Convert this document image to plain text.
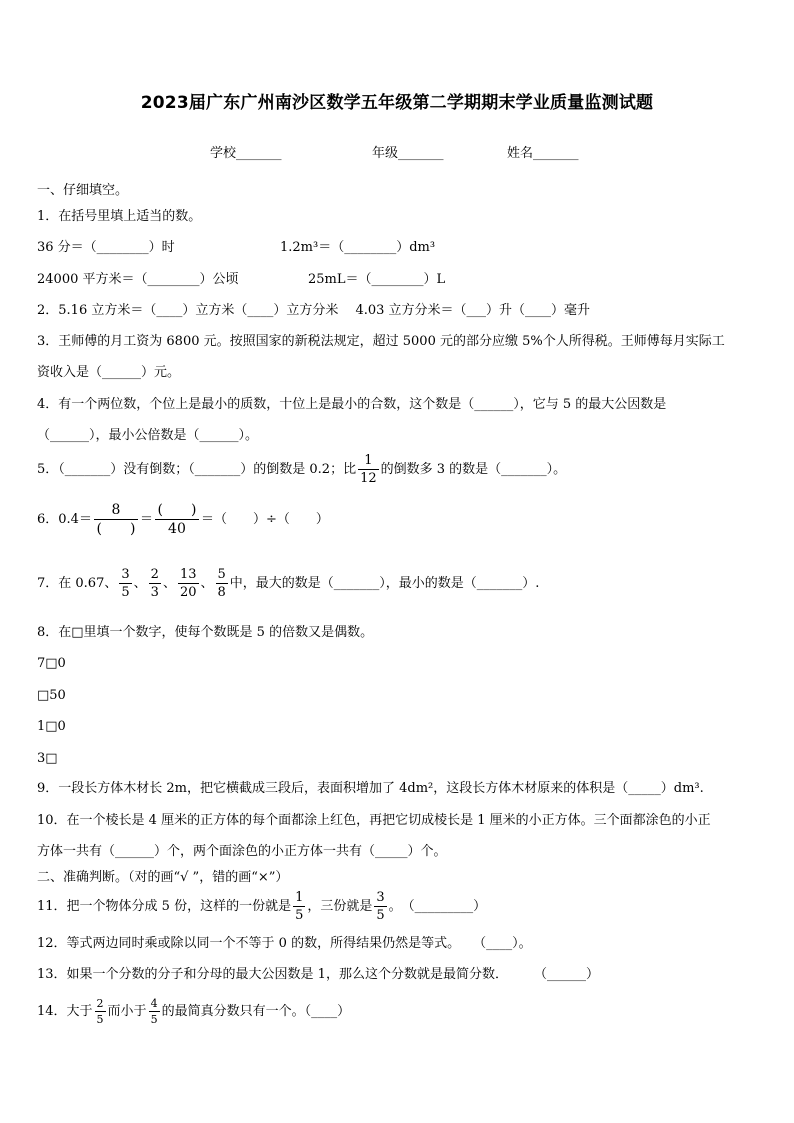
2023届广东广州南沙区数学五年级第二学期期末学业质量监测试题
学校_______	年级_______	姓名_______
一、仔细填空。
1．在括号里填上适当的数。
36 分＝（________）时	1.2m³＝（________）dm³
24000 平方米＝（________）公顷	25mL＝（________）L
2．5.16 立方米＝（____）立方米（____）立方分米　 4.03 立方分米＝（___）升（____）毫升
3．王师傅的月工资为 6800 元。按照国家的新税法规定，超过 5000 元的部分应缴 5%个人所得税。王师傅每月实际工
资收入是（______）元。
4．有一个两位数，个位上是最小的质数，十位上是最小的合数，这个数是（______），它与 5 的最大公因数是
（______），最小公倍数是（______）。
5．（_______）没有倒数；（_______）的倒数是 0.2；比 $\frac{1}{12}$ 的倒数多 3 的数是（_______）。
6．$0.4= \frac{8}{( )} = \frac{( )}{40}$ ＝（　　）÷（　　）
7．在 0.67、 $\frac{3}{5}$ 、 $\frac{2}{3}$ 、 $\frac{13}{20}$ 、 $\frac{5}{8}$ 中，最大的数是（_______），最小的数是（_______）.
8．在□里填一个数字，使每个数既是 5 的倍数又是偶数。
7□0
□50
1□0
3□
9．一段长方体木材长 2m，把它横截成三段后，表面积增加了 4dm²，这段长方体木材原来的体积是（_____）dm³.
10．在一个棱长是 4 厘米的正方体的每个面都涂上红色，再把它切成棱长是 1 厘米的小正方体。三个面都涂色的小正
方体一共有（______）个，两个面涂色的小正方体一共有（_____）个。
二、准确判断。（对的画“√ ”，错的画“×”）
11．把一个物体分成 5 份，这样的一份就是 $\frac{1}{5}$ ，三份就是 $\frac{3}{5}$ 。　（_________）
12．等式两边同时乘或除以同一个不等于 0 的数，所得结果仍然是等式。　　（____）。
13．如果一个分数的分子和分母的最大公因数是 1，那么这个分数就是最简分数．　　　（______）
14．大于 $\frac{2}{5}$ 而小于 $\frac{4}{5}$ 的最简真分数只有一个。（____）
